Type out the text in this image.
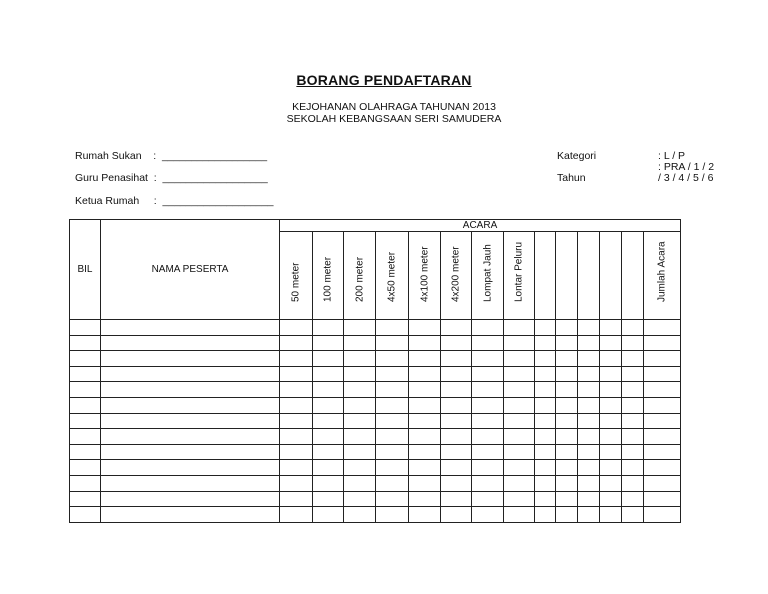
BORANG PENDAFTARAN
KEJOHANAN OLAHRAGA TAHUNAN 2013
SEKOLAH KEBANGSAAN SERI SAMUDERA
Rumah Sukan    :  __________________
Guru Penasihat  :  __________________
Ketua Rumah     :  ___________________
Kategori	: L / P
: PRA / 1 / 2
Tahun	/ 3 / 4 / 5 / 6
BIL	NAMA PESERTA	ACARA													

		50 meter	100 meter	200 meter	4x50 meter	4x100 meter	4x200 meter	Lompat Jauh	Lontar Peluru						Jumlah Acara
